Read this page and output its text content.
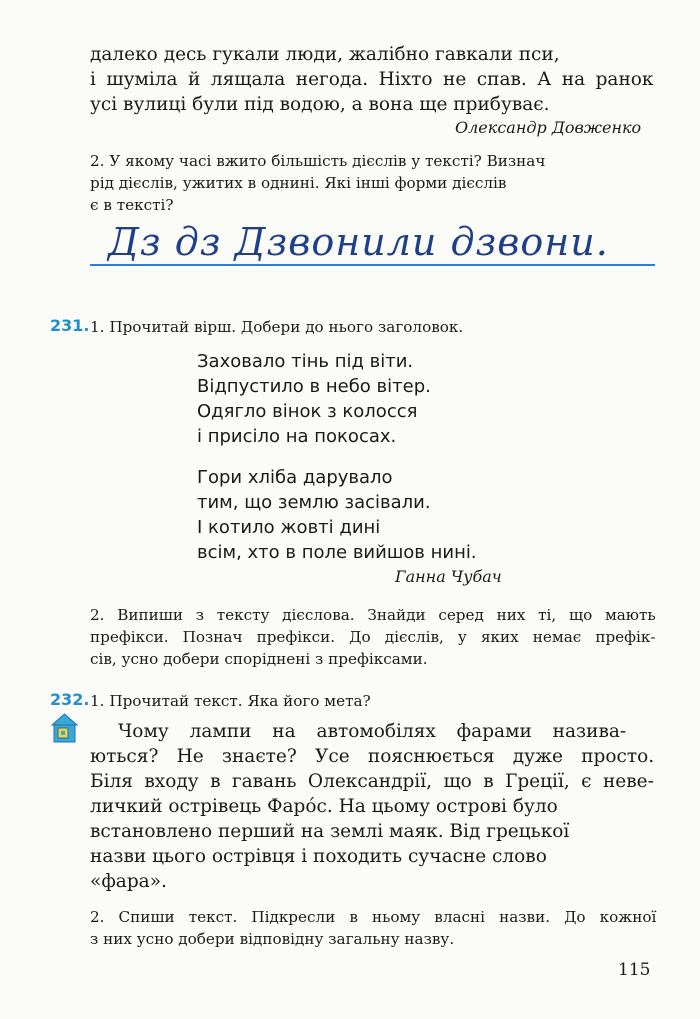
далеко десь гукали люди, жалібно гавкали пси,
і шуміла й лящала негода. Ніхто не спав. А на ранок
усі вулиці були під водою, а вона ще прибуває.
Олександр Довженко
2. У якому часі вжито більшість дієслів у тексті? Визнач
рід дієслів, ужитих в однині. Які інші форми дієслів
є в тексті?
Дз дз Дзвонили дзвони.
231. 1. Прочитай вірш. Добери до нього заголовок.
Заховало тінь під віти.
Відпустило в небо вітер.
Одягло вінок з колосся
і присіло на покосах.
Гори хліба дарувало
тим, що землю засівали.
І котило жовті дині
всім, хто в поле вийшов нині.
Ганна Чубач
2. Випиши з тексту дієслова. Знайди серед них ті, що мають
префікси. Познач префікси. До дієслів, у яких немає префік-
сів, усно добери споріднені з префіксами.
232. 1. Прочитай текст. Яка його мета?
Чому лампи на автомобілях фарами назива-
ються? Не знаєте? Усе пояснюється дуже просто.
Біля входу в гавань Олександрії, що в Греції, є неве-
личкий острівець Фарóс. На цьому острові було
встановлено перший на землі маяк. Від грецької
назви цього острівця і походить сучасне слово
«фара».
2. Спиши текст. Підкресли в ньому власні назви. До кожної
з них усно добери відповідну загальну назву.
115
